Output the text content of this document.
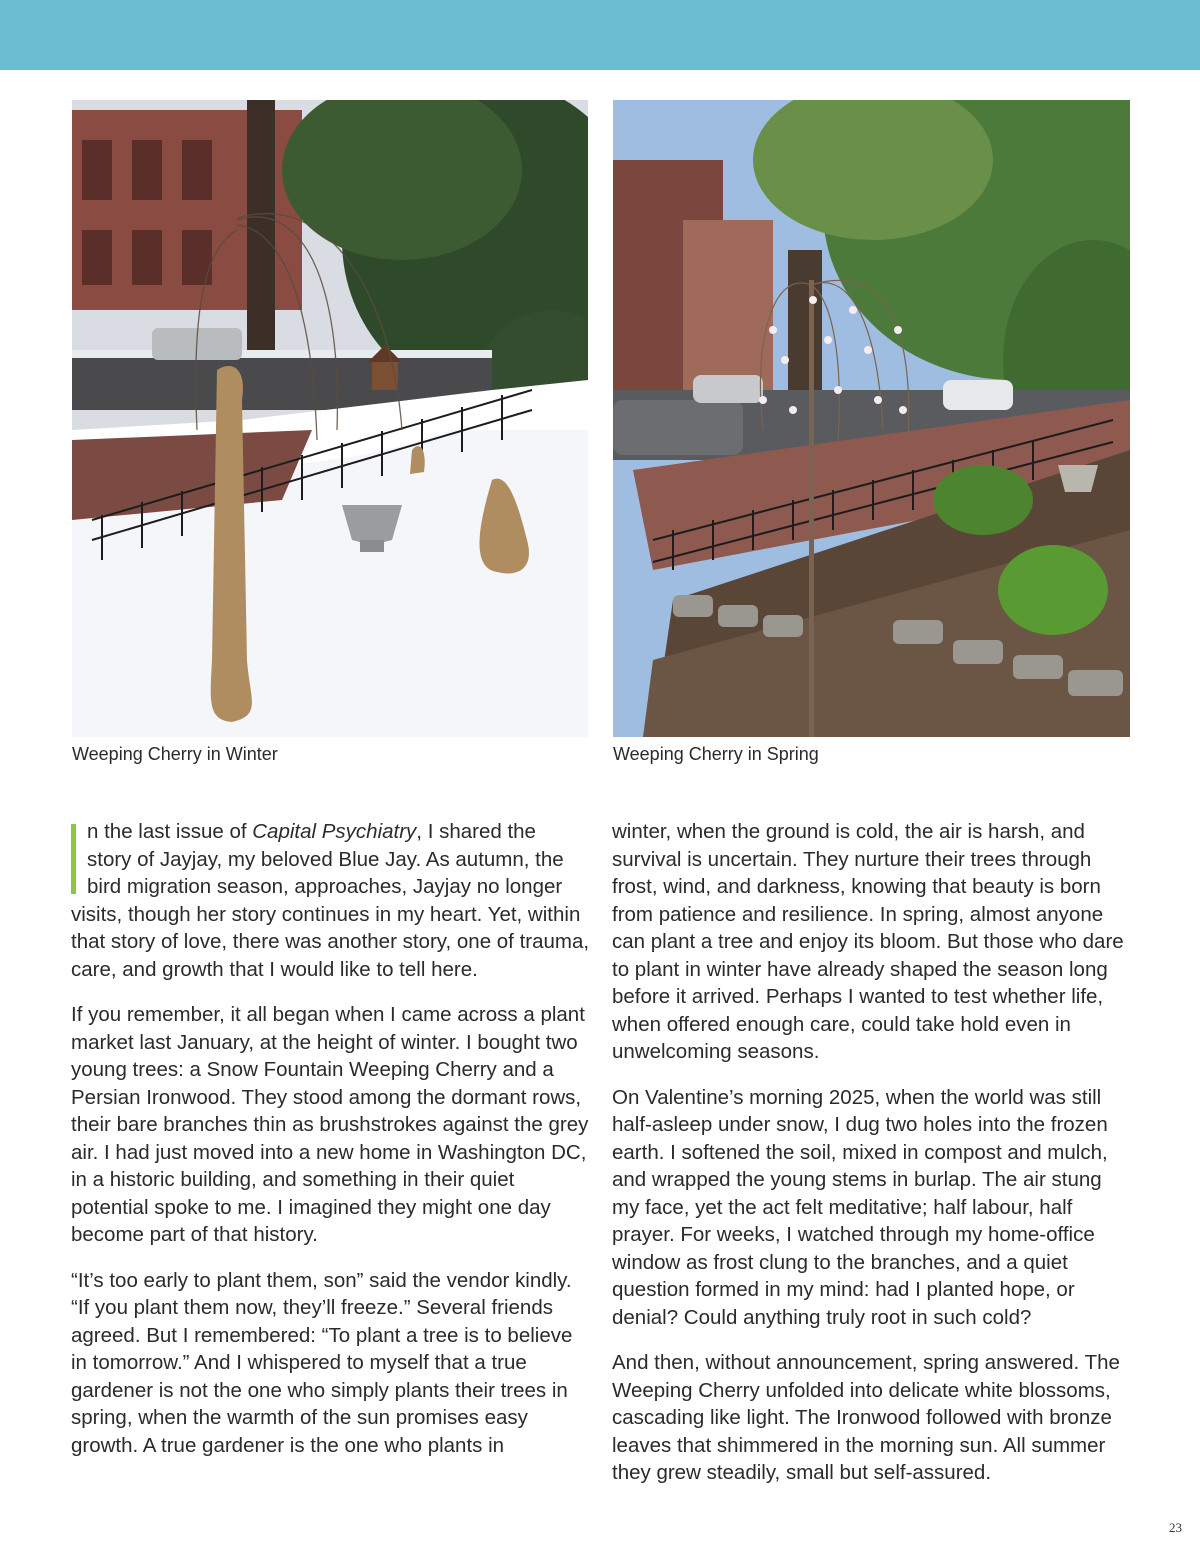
Weeping Cherry in Winter	Weeping Cherry in Spring

n the last issue of Capital Psychiatry, I shared the
story of Jayjay, my beloved Blue Jay. As autumn, the
bird migration season, approaches, Jayjay no longer
visits, though her story continues in my heart. Yet, within that story of love, there was another story, one of trauma, care, and growth that I would like to tell here.

If you remember, it all began when I came across a plant market last January, at the height of winter. I bought two young trees: a Snow Fountain Weeping Cherry and a Persian Ironwood. They stood among the dormant rows, their bare branches thin as brushstrokes against the grey air. I had just moved into a new home in Washington DC, in a historic building, and something in their quiet potential spoke to me. I imagined they might one day become part of that history.

“It’s too early to plant them, son” said the vendor kindly. “If you plant them now, they’ll freeze.” Several friends agreed. But I remembered: “To plant a tree is to believe in tomorrow.” And I whispered to myself that a true gardener is not the one who simply plants their trees in spring, when the warmth of the sun promises easy growth. A true gardener is the one who plants in

winter, when the ground is cold, the air is harsh, and survival is uncertain. They nurture their trees through frost, wind, and darkness, knowing that beauty is born from patience and resilience. In spring, almost anyone can plant a tree and enjoy its bloom. But those who dare to plant in winter have already shaped the season long before it arrived. Perhaps I wanted to test whether life, when offered enough care, could take hold even in unwelcoming seasons.

On Valentine’s morning 2025, when the world was still half-asleep under snow, I dug two holes into the frozen earth. I softened the soil, mixed in compost and mulch, and wrapped the young stems in burlap. The air stung my face, yet the act felt meditative; half labour, half prayer. For weeks, I watched through my home-office window as frost clung to the branches, and a quiet question formed in my mind: had I planted hope, or denial? Could anything truly root in such cold?

And then, without announcement, spring answered. The Weeping Cherry unfolded into delicate white blossoms, cascading like light. The Ironwood followed with bronze leaves that shimmered in the morning sun. All summer they grew steadily, small but self-assured.

23
